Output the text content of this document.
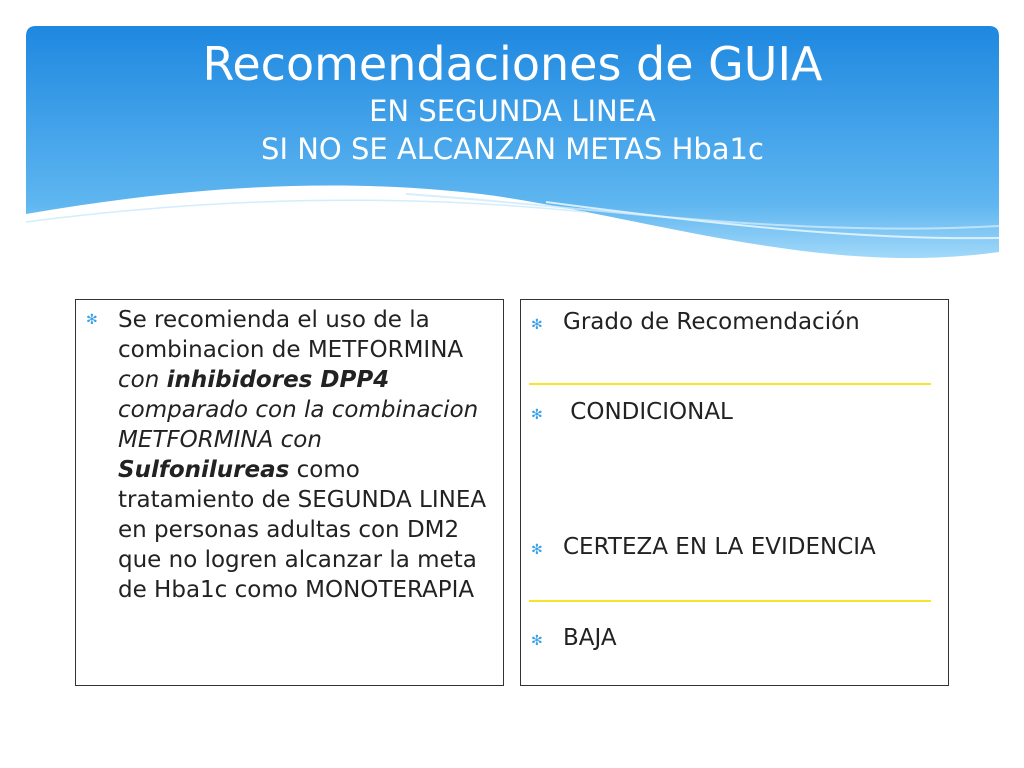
Recomendaciones de GUIA
EN SEGUNDA LINEA
SI NO SE ALCANZAN METAS Hba1c
✻ Se recomienda el uso de la combinacion de METFORMINA con inhibidores DPP4 comparado con la combinacion METFORMINA con Sulfonilureas como tratamiento de SEGUNDA LINEA en personas adultas con DM2 que no logren alcanzar la meta de Hba1c como MONOTERAPIA
✻ Grado de Recomendación
✻ CONDICIONAL
✻ CERTEZA EN LA EVIDENCIA
✻ BAJA
